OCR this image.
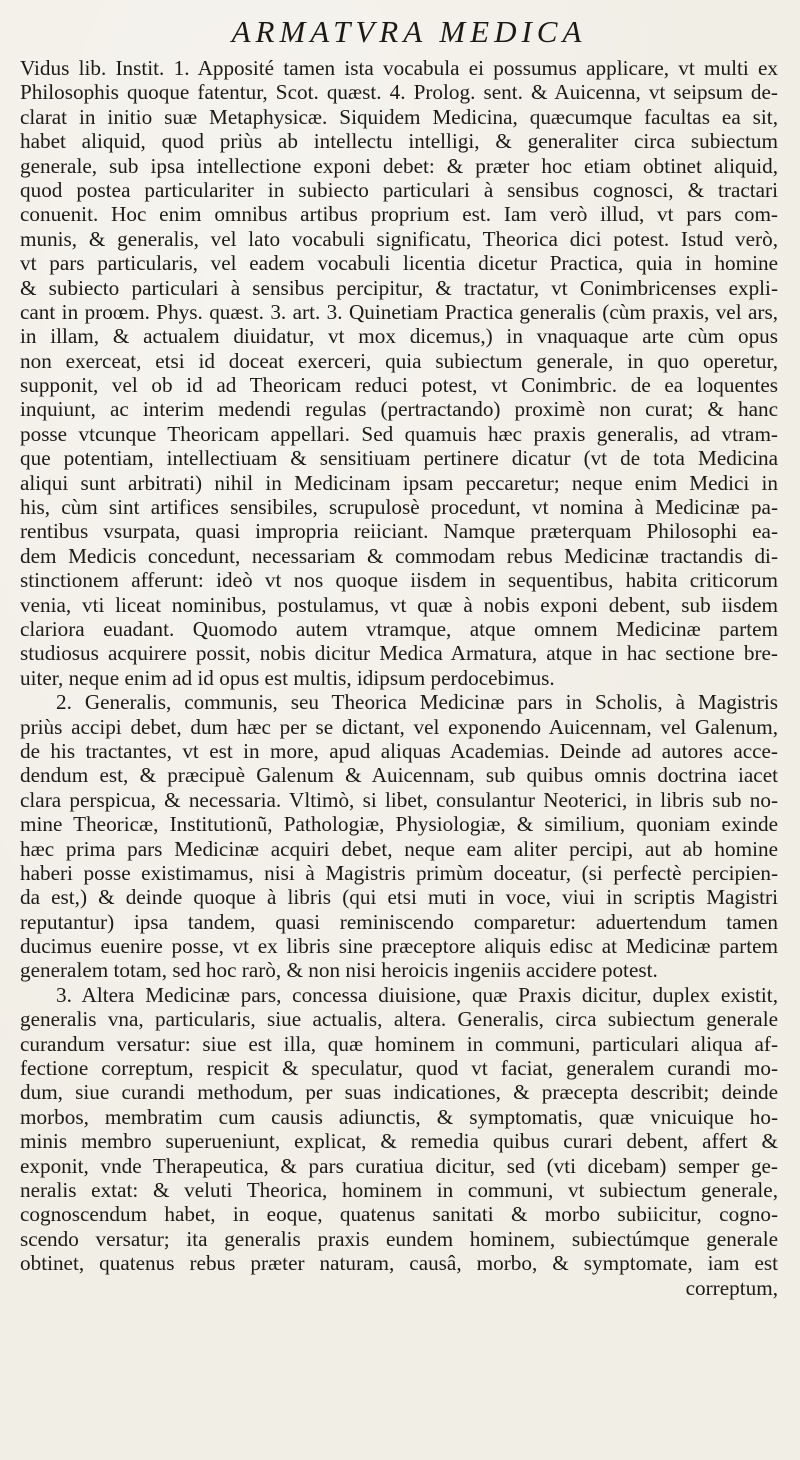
ARMATVRA MEDICA
Vidus lib. Instit. 1. Apposité tamen ista vocabula ei possumus applicare, vt multi ex
Philosophis quoque fatentur, Scot. quæst. 4. Prolog. sent. & Auicenna, vt seipsum de-
clarat in initio suæ Metaphysicæ. Siquidem Medicina, quæcumque facultas ea sit,
habet aliquid, quod priùs ab intellectu intelligi, & generaliter circa subiectum
generale, sub ipsa intellectione exponi debet: & præter hoc etiam obtinet aliquid,
quod postea particulariter in subiecto particulari à sensibus cognosci, & tractari
conuenit. Hoc enim omnibus artibus proprium est. Iam verò illud, vt pars com-
munis, & generalis, vel lato vocabuli significatu, Theorica dici potest. Istud verò,
vt pars particularis, vel eadem vocabuli licentia dicetur Practica, quia in homine
& subiecto particulari à sensibus percipitur, & tractatur, vt Conimbricenses expli-
cant in proœm. Phys. quæst. 3. art. 3. Quinetiam Practica generalis (cùm praxis, vel ars,
in illam, & actualem diuidatur, vt mox dicemus,) in vnaquaque arte cùm opus
non exerceat, etsi id doceat exerceri, quia subiectum generale, in quo operetur,
supponit, vel ob id ad Theoricam reduci potest, vt Conimbric. de ea loquentes
inquiunt, ac interim medendi regulas (pertractando) proximè non curat; & hanc
posse vtcunque Theoricam appellari. Sed quamuis hæc praxis generalis, ad vtram-
que potentiam, intellectiuam & sensitiuam pertinere dicatur (vt de tota Medicina
aliqui sunt arbitrati) nihil in Medicinam ipsam peccaretur; neque enim Medici in
his, cùm sint artifices sensibiles, scrupulosè procedunt, vt nomina à Medicinæ pa-
rentibus vsurpata, quasi impropria reiiciant. Namque præterquam Philosophi ea-
dem Medicis concedunt, necessariam & commodam rebus Medicinæ tractandis di-
stinctionem afferunt: ideò vt nos quoque iisdem in sequentibus, habita criticorum
venia, vti liceat nominibus, postulamus, vt quæ à nobis exponi debent, sub iisdem
clariora euadant. Quomodo autem vtramque, atque omnem Medicinæ partem
studiosus acquirere possit, nobis dicitur Medica Armatura, atque in hac sectione bre-
uiter, neque enim ad id opus est multis, idipsum perdocebimus.
2. Generalis, communis, seu Theorica Medicinæ pars in Scholis, à Magistris
priùs accipi debet, dum hæc per se dictant, vel exponendo Auicennam, vel Galenum,
de his tractantes, vt est in more, apud aliquas Academias. Deinde ad autores acce-
dendum est, & præcipuè Galenum & Auicennam, sub quibus omnis doctrina iacet
clara perspicua, & necessaria. Vltimò, si libet, consulantur Neoterici, in libris sub no-
mine Theoricæ, Institutionũ, Pathologiæ, Physiologiæ, & similium, quoniam exinde
hæc prima pars Medicinæ acquiri debet, neque eam aliter percipi, aut ab homine
haberi posse existimamus, nisi à Magistris primùm doceatur, (si perfectè percipien-
da est,) & deinde quoque à libris (qui etsi muti in voce, viui in scriptis Magistri
reputantur) ipsa tandem, quasi reminiscendo comparetur: aduertendum tamen
ducimus euenire posse, vt ex libris sine præceptore aliquis edisc at Medicinæ partem
generalem totam, sed hoc rarò, & non nisi heroicis ingeniis accidere potest.
3. Altera Medicinæ pars, concessa diuisione, quæ Praxis dicitur, duplex existit,
generalis vna, particularis, siue actualis, altera. Generalis, circa subiectum generale
curandum versatur: siue est illa, quæ hominem in communi, particulari aliqua af-
fectione correptum, respicit & speculatur, quod vt faciat, generalem curandi mo-
dum, siue curandi methodum, per suas indicationes, & præcepta describit; deinde
morbos, membratim cum causis adiunctis, & symptomatis, quæ vnicuique ho-
minis membro superueniunt, explicat, & remedia quibus curari debent, affert &
exponit, vnde Therapeutica, & pars curatiua dicitur, sed (vti dicebam) semper ge-
neralis extat: & veluti Theorica, hominem in communi, vt subiectum generale,
cognoscendum habet, in eoque, quatenus sanitati & morbo subiicitur, cogno-
scendo versatur; ita generalis praxis eundem hominem, subiectúmque generale
obtinet, quatenus rebus præter naturam, causâ, morbo, & symptomate, iam est
correptum,
